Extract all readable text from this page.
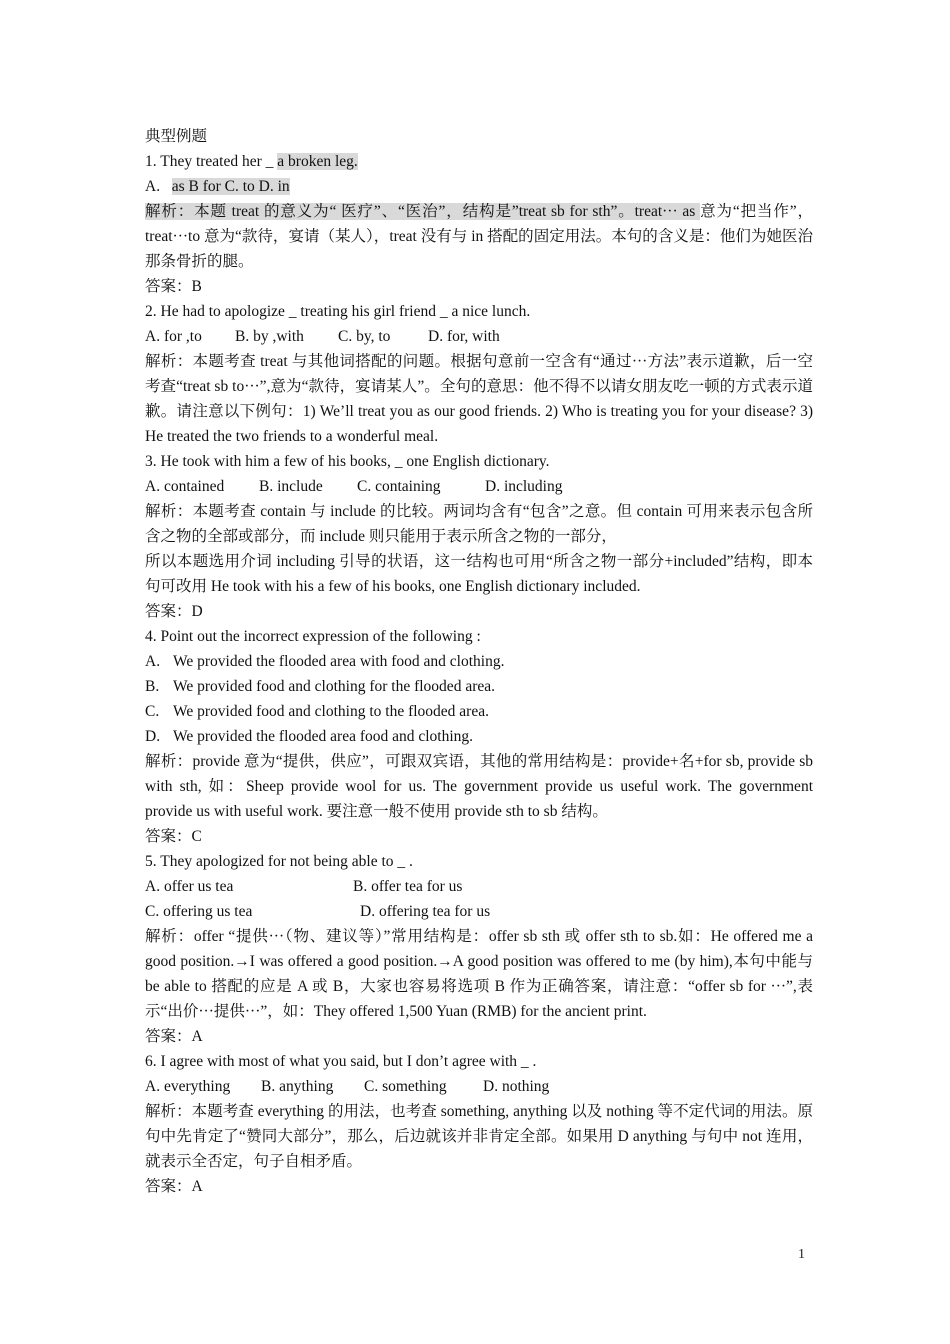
典型例题
1. They treated her _ a broken leg.
A.   as B for C. to D. in
解析：本题 treat 的意义为“ 医疗”、“医治”，结构是”treat sb for sth”。treat··· as 意为“把当作”，treat···to 意为“款待，宴请（某人），treat 没有与 in 搭配的固定用法。本句的含义是：他们为她医治那条骨折的腿。
答案：B
2. He had to apologize _ treating his girl friend _ a nice lunch.
A. for ,to B. by ,with C. by, to D. for, with
解析：本题考查 treat 与其他词搭配的问题。根据句意前一空含有“通过···方法”表示道歉，后一空考查“treat sb to···”,意为“款待，宴请某人”。全句的意思：他不得不以请女朋友吃一顿的方式表示道歉。请注意以下例句：1) We’ll treat you as our good friends. 2) Who is treating you for your disease? 3) He treated the two friends to a wonderful meal.
3. He took with him a few of his books, _ one English dictionary.
A. contained B. include C. containing	D. including
解析：本题考查 contain 与 include 的比较。两词均含有“包含”之意。但 contain 可用来表示包含所含之物的全部或部分，而 include 则只能用于表示所含之物的一部分，
所以本题选用介词 including 引导的状语，这一结构也可用“所含之物一部分+included”结构，即本句可改用 He took with his a few of his books, one English dictionary included.
答案：D
4. Point out the incorrect expression of the following :
A. We provided the flooded area with food and clothing.
B. We provided food and clothing for the flooded area.
C. We provided food and clothing to the flooded area.
D. We provided the flooded area food and clothing.
解析：provide 意为“提供，供应”，可跟双宾语，其他的常用结构是：provide+名+for sb, provide sb with sth, 如：Sheep provide wool for us. The government provide us useful work. The government provide us with useful work. 要注意一般不使用 provide sth to sb 结构。
答案：C
5. They apologized for not being able to _ .
A. offer us tea	B. offer tea for us
C. offering us tea	D. offering tea for us
解析：offer “提供···（物、建议等）”常用结构是：offer sb sth 或 offer sth to sb.如：He offered me a good position.→I was offered a good position.→A good position was offered to me (by him),本句中能与 be able to 搭配的应是 A 或 B，大家也容易将选项 B 作为正确答案，请注意：“offer sb for ···”,表示“出价···提供···”，如：They offered 1,500 Yuan (RMB) for the ancient print.
答案：A
6. I agree with most of what you said, but I don’t agree with _ .
A. everything B. anything C. something D. nothing
解析：本题考查 everything 的用法，也考查 something, anything 以及 nothing 等不定代词的用法。原句中先肯定了“赞同大部分”，那么，后边就该并非肯定全部。如果用 D anything 与句中 not 连用，就表示全否定，句子自相矛盾。
答案：A
1
